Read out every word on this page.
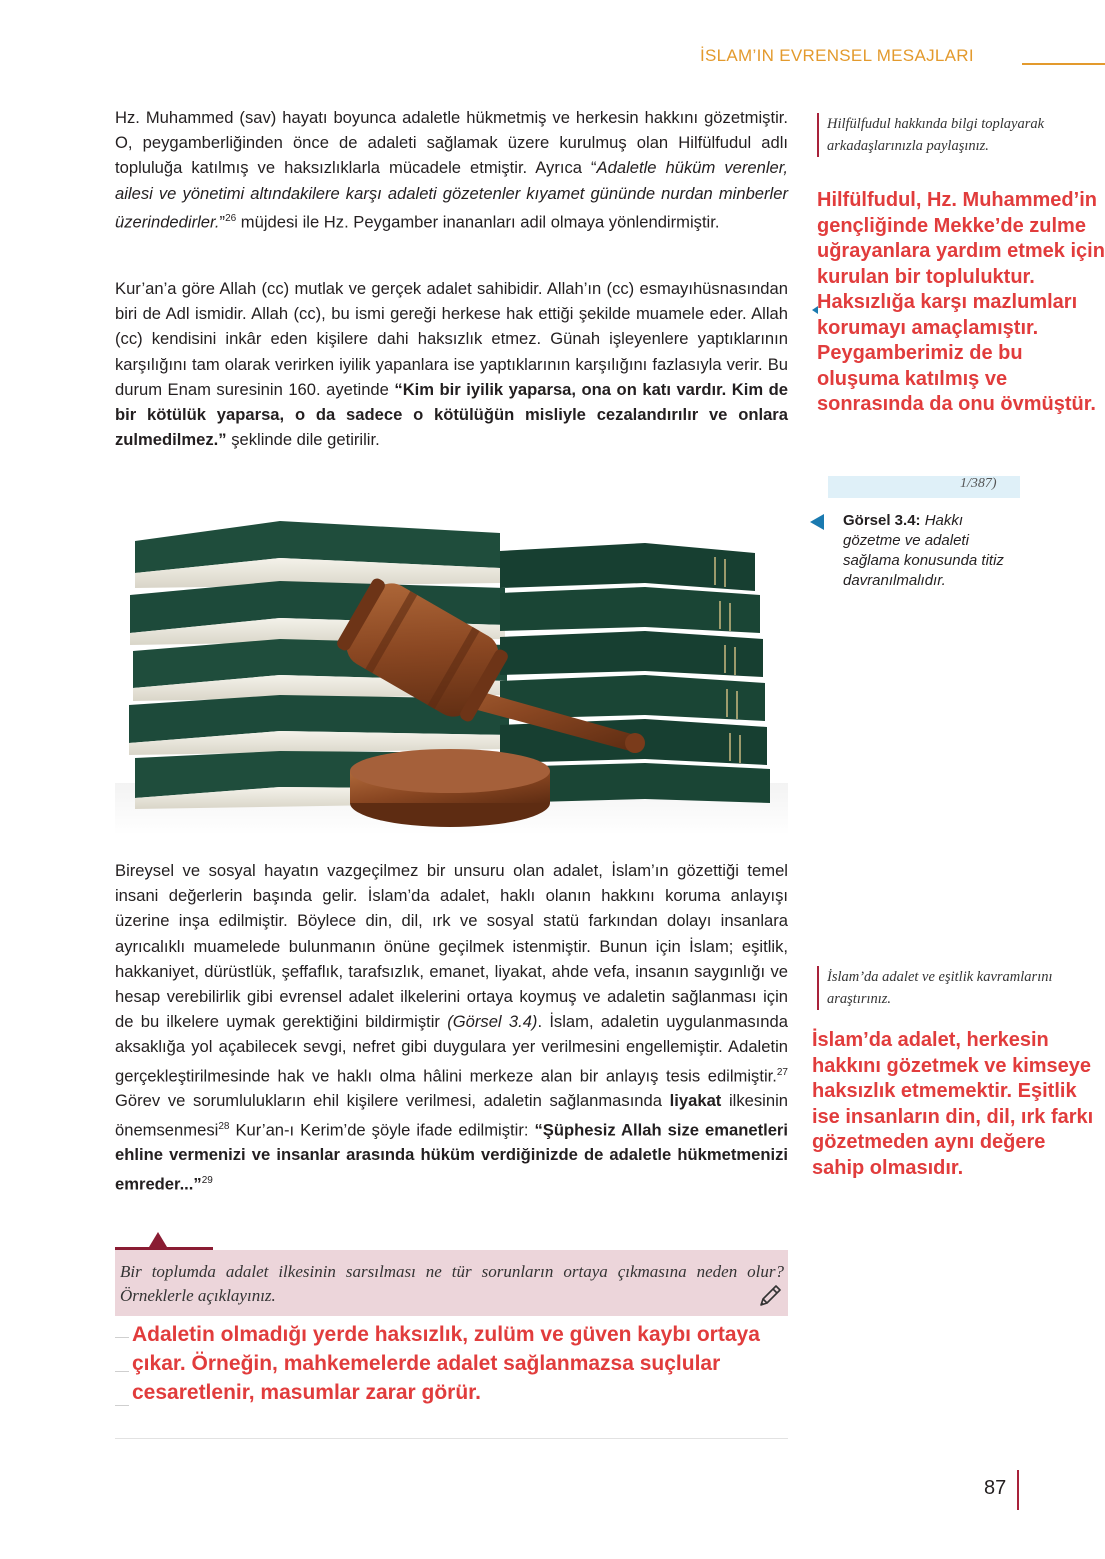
İSLAM’IN EVRENSEL MESAJLARI
Hz. Muhammed (sav) hayatı boyunca adaletle hükmetmiş ve herkesin hakkını gözetmiştir. O, peygamberliğinden önce de adaleti sağlamak üzere kurulmuş olan Hilfülfudul adlı topluluğa katılmış ve haksızlıklarla mücadele etmiştir. Ayrıca “Adaletle hüküm verenler, ailesi ve yönetimi altındakilere karşı adaleti gözetenler kıyamet gününde nurdan minberler üzerindedirler.”$^{26}$ müjdesi ile Hz. Peygamber inananları adil olmaya yönlendirmiştir.
Kur’an’a göre Allah (cc) mutlak ve gerçek adalet sahibidir. Allah’ın (cc) esmayıhüsnasından biri de Adl ismidir. Allah (cc), bu ismi gereği herkese hak ettiği şekilde muamele eder. Allah (cc) kendisini inkâr eden kişilere dahi haksızlık etmez. Günah işleyenlere yaptıklarının karşılığını tam olarak verirken iyilik yapanlara ise yaptıklarının karşılığını fazlasıyla verir. Bu durum Enam suresinin 160. ayetinde “Kim bir iyilik yaparsa, ona on katı vardır. Kim de bir kötülük yaparsa, o da sadece o kötülüğün misliyle cezalandırılır ve onlara zulmedilmez.” şeklinde dile getirilir.
Bireysel ve sosyal hayatın vazgeçilmez bir unsuru olan adalet, İslam’ın gözettiği temel insani değerlerin başında gelir. İslam’da adalet, haklı olanın hakkını koruma anlayışı üzerine inşa edilmiştir. Böylece din, dil, ırk ve sosyal statü farkından dolayı insanlara ayrıcalıklı muamelede bulunmanın önüne geçilmek istenmiştir. Bunun için İslam; eşitlik, hakkaniyet, dürüstlük, şeffaflık, tarafsızlık, emanet, liyakat, ahde vefa, insanın saygınlığı ve hesap verebilirlik gibi evrensel adalet ilkelerini ortaya koymuş ve adaletin sağlanması için de bu ilkelere uymak gerektiğini bildirmiştir (Görsel 3.4). İslam, adaletin uygulanmasında aksaklığa yol açabilecek sevgi, nefret gibi duygulara yer verilmesini engellemiştir. Adaletin gerçekleştirilmesinde hak ve haklı olma hâlini merkeze alan bir anlayış tesis edilmiştir.$^{27}$ Görev ve sorumlulukların ehil kişilere verilmesi, adaletin sağlanmasında liyakat ilkesinin önemsenmesi$^{28}$ Kur’an-ı Kerim’de şöyle ifade edilmiştir: “Şüphesiz Allah size emanetleri ehline vermenizi ve insanlar arasında hüküm verdiğinizde de adaletle hükmetmenizi emreder...”$^{29}$
Hilfülfudul hakkında bilgi toplayarak arkadaşlarınızla paylaşınız.
1/387)
Hilfülfudul, Hz. Muhammed’in gençliğinde Mekke’de zulme uğrayanlara yardım etmek için kurulan bir topluluktur. Haksızlığa karşı mazlumları korumayı amaçlamıştır. Peygamberimiz de bu oluşuma katılmış ve sonrasında da onu övmüştür.
Görsel 3.4: Hakkı gözetme ve adaleti sağlama konusunda titiz davranılmalıdır.
İslam’da adalet ve eşitlik kavramlarını araştırınız.
İslam’da adalet, herkesin hakkını gözetmek ve kimseye haksızlık etmemektir. Eşitlik ise insanların din, dil, ırk farkı gözetmeden aynı değere sahip olmasıdır.
Bir toplumda adalet ilkesinin sarsılması ne tür sorunların ortaya çıkmasına neden olur? Örneklerle açıklayınız.
Adaletin olmadığı yerde haksızlık, zulüm ve güven kaybı ortaya çıkar. Örneğin, mahkemelerde adalet sağlanmazsa suçlular cesaretlenir, masumlar zarar görür.
87
